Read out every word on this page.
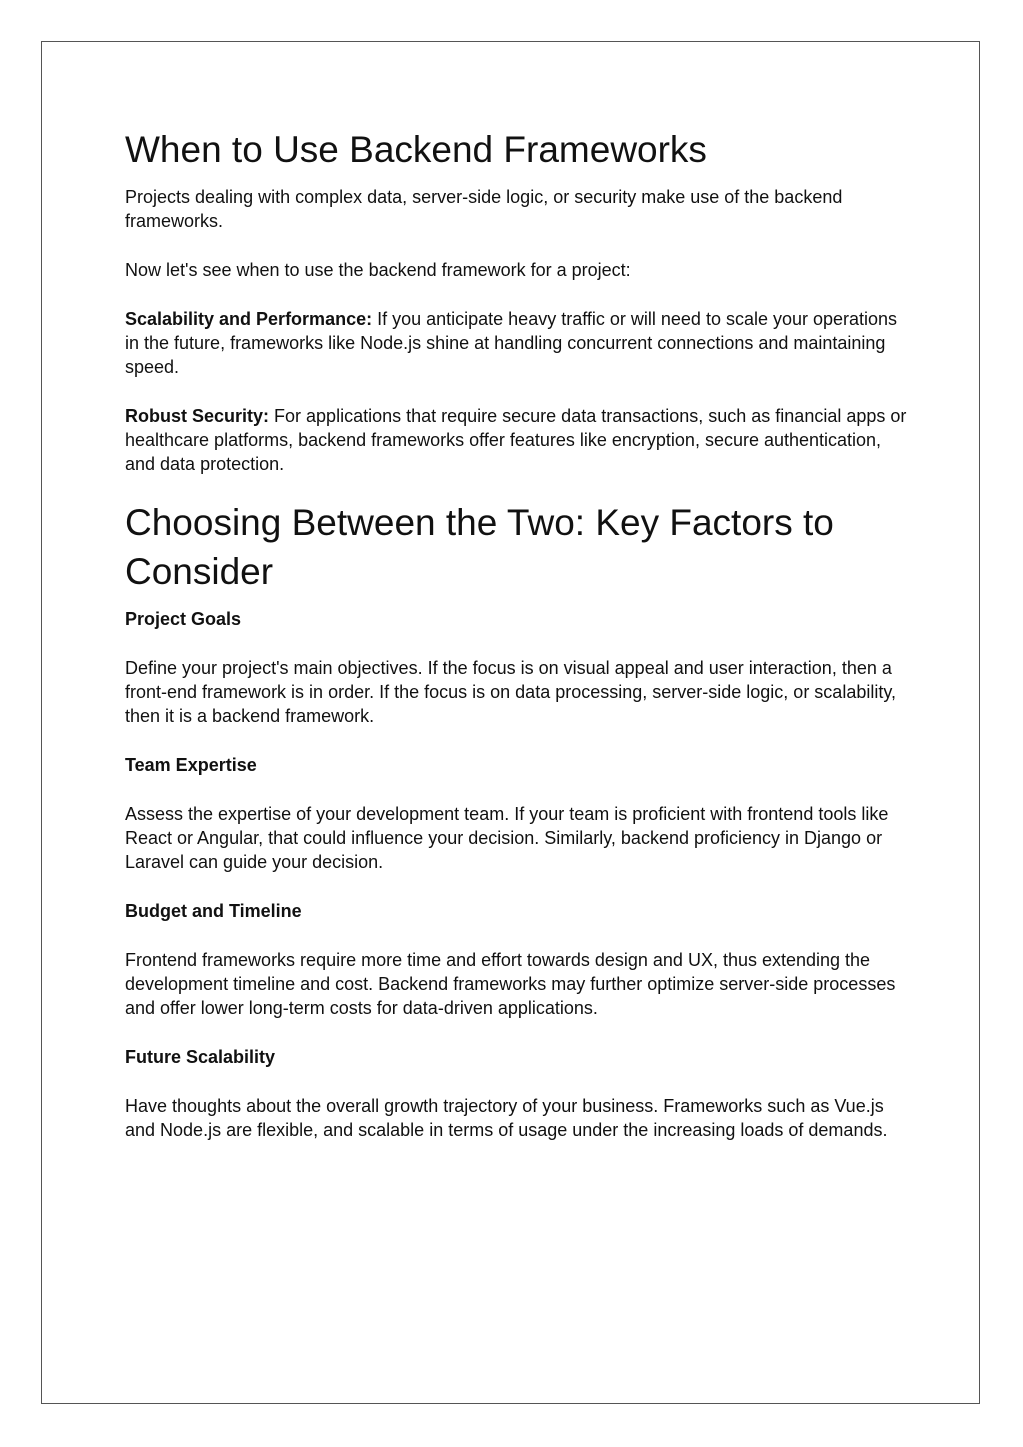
When to Use Backend Frameworks

Projects dealing with complex data, server-side logic, or security make use of the backend frameworks.

Now let's see when to use the backend framework for a project:

Scalability and Performance: If you anticipate heavy traffic or will need to scale your operations in the future, frameworks like Node.js shine at handling concurrent connections and maintaining speed.

Robust Security: For applications that require secure data transactions, such as financial apps or healthcare platforms, backend frameworks offer features like encryption, secure authentication, and data protection.

Choosing Between the Two: Key Factors to Consider

Project Goals

Define your project's main objectives. If the focus is on visual appeal and user interaction, then a front-end framework is in order. If the focus is on data processing, server-side logic, or scalability, then it is a backend framework.

Team Expertise

Assess the expertise of your development team. If your team is proficient with frontend tools like React or Angular, that could influence your decision. Similarly, backend proficiency in Django or Laravel can guide your decision.

Budget and Timeline

Frontend frameworks require more time and effort towards design and UX, thus extending the development timeline and cost. Backend frameworks may further optimize server-side processes and offer lower long-term costs for data-driven applications.

Future Scalability

Have thoughts about the overall growth trajectory of your business. Frameworks such as Vue.js and Node.js are flexible, and scalable in terms of usage under the increasing loads of demands.
